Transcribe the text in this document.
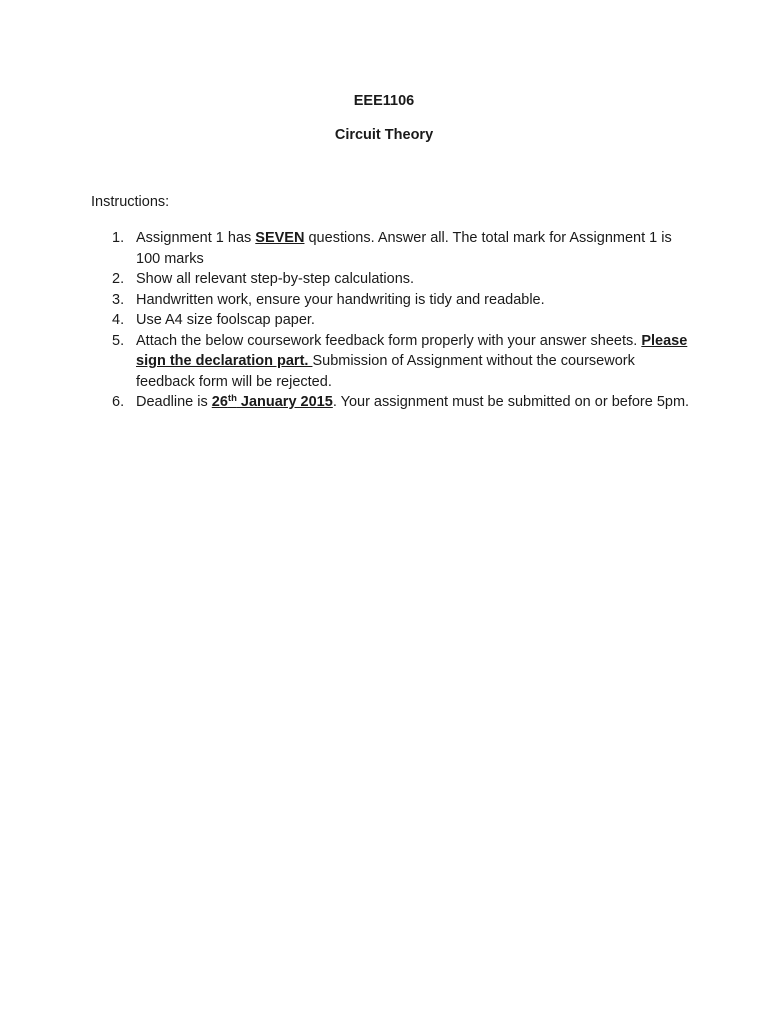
EEE1106
Circuit Theory
Instructions:
1. Assignment 1 has SEVEN questions. Answer all. The total mark for Assignment 1 is 100 marks
2. Show all relevant step-by-step calculations.
3. Handwritten work, ensure your handwriting is tidy and readable.
4. Use A4 size foolscap paper.
5. Attach the below coursework feedback form properly with your answer sheets. Please sign the declaration part. Submission of Assignment without the coursework feedback form will be rejected.
6. Deadline is 26th January 2015. Your assignment must be submitted on or before 5pm.
